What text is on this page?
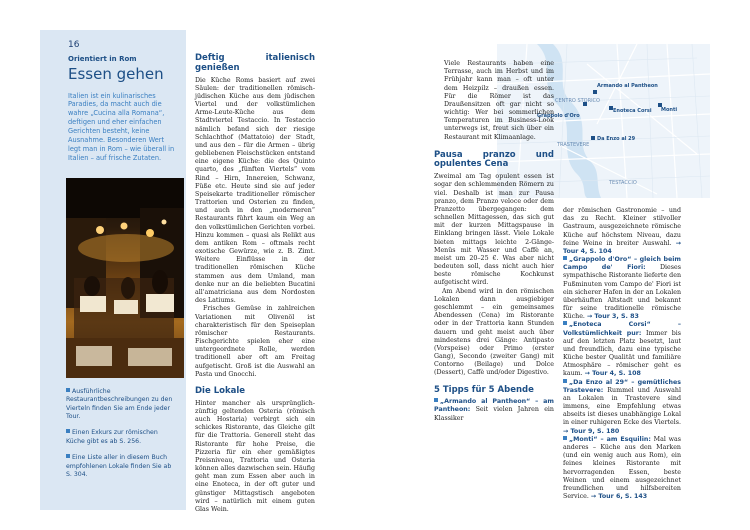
16
Orientiert in Rom
Essen gehen
Italien ist ein kulinarisches Paradies, da macht auch die wahre „Cucina alla Romana“, deftigen und eher einfachen Gerichten besteht, keine Ausnahme. Besonderen Wert legt man in Rom – wie überall in Italien – auf frische Zutaten.
Ausführliche Restaurantbeschreibungen zu den Vierteln finden Sie am Ende jeder Tour.
Einen Exkurs zur römischen Küche gibt es ab S. 256.
Eine Liste aller in diesem Buch empfohlenen Lokale finden Sie ab S. 304.
Deftig italienisch genießen

Die Küche Roms basiert auf zwei Säulen: der traditionellen römisch-jüdischen Küche aus dem jüdischen Viertel und der volkstümlichen Arme-Leute-Küche aus dem Stadtviertel Testaccio. In Testaccio nämlich befand sich der riesige Schlachthof (Mattatoio) der Stadt, und aus den – für die Armen – übrig gebliebenen Fleischstücken entstand eine eigene Küche: die des Quinto quarto, des „fünften Viertels“ vom Rind – Hirn, Innereien, Schwanz, Füße etc. Heute sind sie auf jeder Speisekarte traditioneller römischer Trattorien und Osterien zu finden, und auch in den „moderneren“ Restaurants führt kaum ein Weg an den volkstümlichen Gerichten vorbei. Hinzu kommen – quasi als Relikt aus dem antiken Rom – oftmals recht exotische Gewürze, wie z. B. Zimt. Weitere Einflüsse in der traditionellen römischen Küche stammen aus dem Umland, man denke nur an die beliebten Bucatini all'amatriciana aus dem Nordosten des Latiums.

Frisches Gemüse in zahlreichen Variationen mit Olivenöl ist charakteristisch für den Speiseplan römischer Restaurants. Fischgerichte spielen eher eine untergeordnete Rolle, werden traditionell aber oft am Freitag aufgetischt. Groß ist die Auswahl an Pasta und Gnocchi.

Die Lokale

Hinter mancher als ursprünglich-zünftig geltenden Osteria (römisch auch Hostaria) verbirgt sich ein schickes Ristorante, das Gleiche gilt für die Trattoria. Generell steht das Ristorante für hohe Preise, die Pizzeria für ein eher gemäßigtes Preisniveau, Trattoria und Osteria können alles dazwischen sein. Häufig geht man zum Essen aber auch in eine Enoteca, in der oft guter und günstiger Mittagstisch angeboten wird – natürlich mit einem guten Glas Wein.

Armando al Pantheon
CENTRO STORICO
Grappolo d'Oro
Enoteca Corsi Monti
Da Enzo al 29
TRASTEVERE
TESTACCIO

Viele Restaurants haben eine Terrasse, auch im Herbst und im Frühjahr kann man – oft unter dem Heizpilz – draußen essen. Für die Römer ist das Draußensitzen oft gar nicht so wichtig: Wer bei sommerlichen Temperaturen im Business-Look unterwegs ist, freut sich über ein Restaurant mit Klimaanlage.

Pausa pranzo und opulentes Cena

Zweimal am Tag opulent essen ist sogar den schlemmenden Römern zu viel. Deshalb ist man zur Pausa pranzo, dem Pranzo veloce oder dem Pranzetto übergegangen: dem schnellen Mittagessen, das sich gut mit der kurzen Mittagspause in Einklang bringen lässt. Viele Lokale bieten mittags leichte 2-Gänge-Menüs mit Wasser und Caffè an, meist um 20–25 €. Was aber nicht bedeuten soll, dass nicht auch hier beste römische Kochkunst aufgetischt wird.

Am Abend wird in den römischen Lokalen dann ausgiebiger geschlemmt – ein gemeinsames Abendessen (Cena) im Ristorante oder in der Trattoria kann Stunden dauern und geht meist auch über mindestens drei Gänge: Antipasto (Vorspeise) oder Primo (erster Gang), Secondo (zweiter Gang) mit Contorno (Beilage) und Dolce (Dessert), Caffè und/oder Digestivo.

5 Tipps für 5 Abende

„Armando al Pantheon“ – am Pantheon: Seit vielen Jahren ein Klassiker

der römischen Gastronomie – und das zu Recht. Kleiner stilvoller Gastraum, ausgezeichnete römische Küche auf höchstem Niveau, dazu feine Weine in breiter Auswahl. → Tour 4, S. 104

„Grappolo d'Oro“ – gleich beim Campo de' Fiori: Dieses sympathische Ristorante lieferte den Fußminuten vom Campo de' Fiori ist ein sicherer Hafen in der an Lokalen überhäuften Altstadt und bekannt für seine traditionelle römische Küche. → Tour 3, S. 83

„Enoteca Corsi“ – Volkstümlichkeit pur: Immer bis auf den letzten Platz besetzt, laut und freundlich, dazu eine typische Küche bester Qualität und familiäre Atmosphäre – römischer geht es kaum. → Tour 4, S. 108

„Da Enzo al 29“ – gemütliches Trastevere: Rummel und Auswahl an Lokalen in Trastevere sind immens, eine Empfehlung etwas abseits ist dieses unabhängige Lokal in einer ruhigeren Ecke des Viertels. → Tour 9, S. 180

„Monti“ – am Esquilin: Mal was anderes – Küche aus den Marken (und ein wenig auch aus Rom), ein feines kleines Ristorante mit hervorragenden Essen, beste Weinen und einem ausgezeichnet freundlichen und hilfsbereiten Service. → Tour 6, S. 143
